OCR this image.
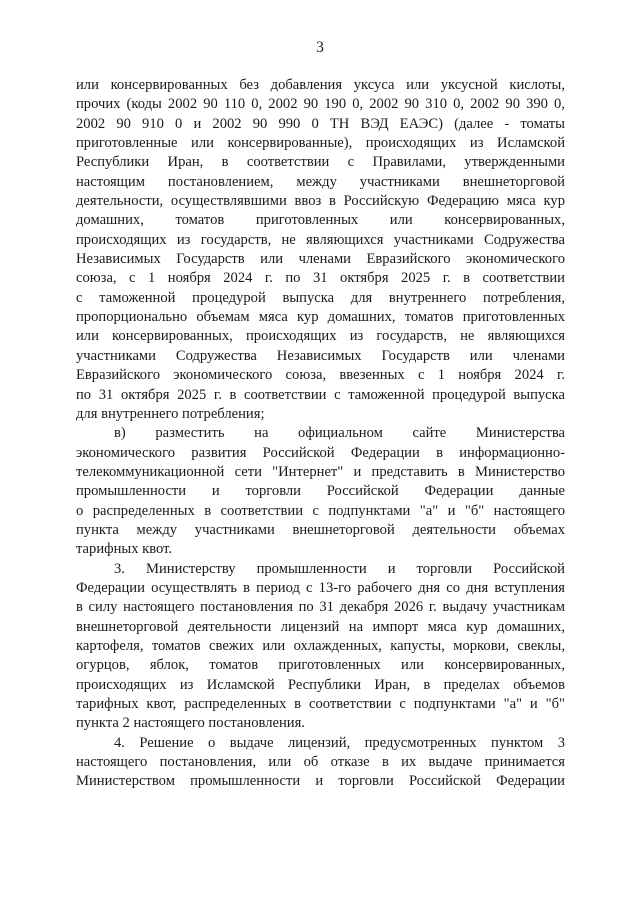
3
или консервированных без добавления уксуса или уксусной кислоты,
прочих (коды 2002 90 110 0, 2002 90 190 0, 2002 90 310 0, 2002 90 390 0,
2002 90 910 0 и 2002 90 990 0 ТН ВЭД ЕАЭС) (далее - томаты
приготовленные или консервированные), происходящих из Исламской
Республики Иран, в соответствии с Правилами, утвержденными
настоящим постановлением, между участниками внешнеторговой
деятельности, осуществлявшими ввоз в Российскую Федерацию мяса кур
домашних, томатов приготовленных или консервированных,
происходящих из государств, не являющихся участниками Содружества
Независимых Государств или членами Евразийского экономического
союза, с 1 ноября 2024 г. по 31 октября 2025 г. в соответствии
с таможенной процедурой выпуска для внутреннего потребления,
пропорционально объемам мяса кур домашних, томатов приготовленных
или консервированных, происходящих из государств, не являющихся
участниками Содружества Независимых Государств или членами
Евразийского экономического союза, ввезенных с 1 ноября 2024 г.
по 31 октября 2025 г. в соответствии с таможенной процедурой выпуска
для внутреннего потребления;
в) разместить на официальном сайте Министерства
экономического развития Российской Федерации в информационно-
телекоммуникационной сети "Интернет" и представить в Министерство
промышленности и торговли Российской Федерации данные
о распределенных в соответствии с подпунктами "а" и "б" настоящего
пункта между участниками внешнеторговой деятельности объемах
тарифных квот.
3. Министерству промышленности и торговли Российской
Федерации осуществлять в период с 13-го рабочего дня со дня вступления
в силу настоящего постановления по 31 декабря 2026 г. выдачу участникам
внешнеторговой деятельности лицензий на импорт мяса кур домашних,
картофеля, томатов свежих или охлажденных, капусты, моркови, свеклы,
огурцов, яблок, томатов приготовленных или консервированных,
происходящих из Исламской Республики Иран, в пределах объемов
тарифных квот, распределенных в соответствии с подпунктами "а" и "б"
пункта 2 настоящего постановления.
4. Решение о выдаче лицензий, предусмотренных пунктом 3
настоящего постановления, или об отказе в их выдаче принимается
Министерством промышленности и торговли Российской Федерации
